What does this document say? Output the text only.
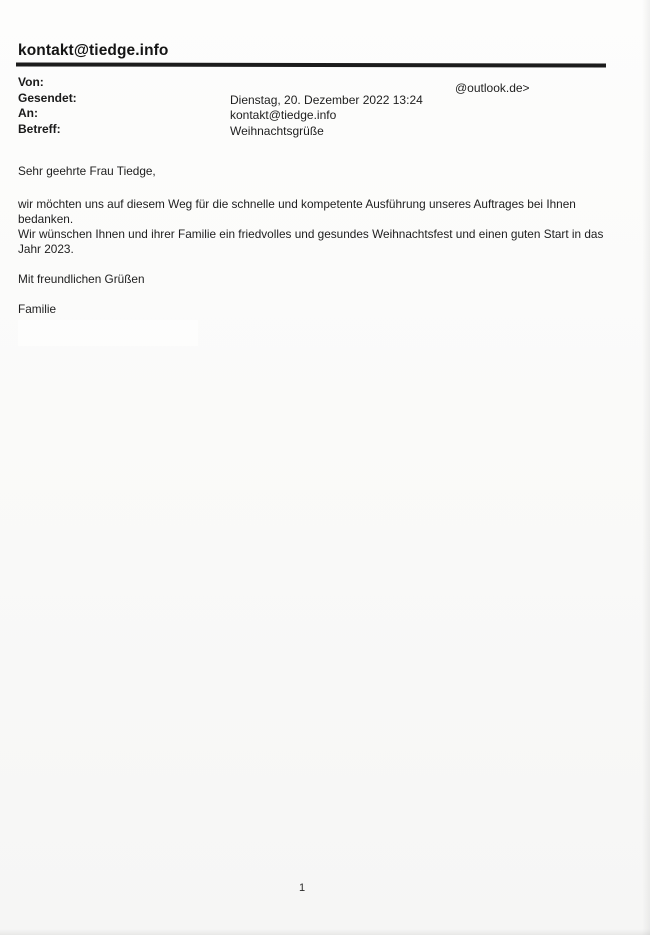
kontakt@tiedge.info
Von:
Gesendet:
An:
Betreff:
@outlook.de>
Dienstag, 20. Dezember 2022 13:24
kontakt@tiedge.info
Weihnachtsgrüße
Sehr geehrte Frau Tiedge,
wir möchten uns auf diesem Weg für die schnelle und kompetente Ausführung unseres Auftrages bei Ihnen
bedanken.
Wir wünschen Ihnen und ihrer Familie ein friedvolles und gesundes Weihnachtsfest und einen guten Start in das
Jahr 2023.
Mit freundlichen Grüßen
Familie
1
